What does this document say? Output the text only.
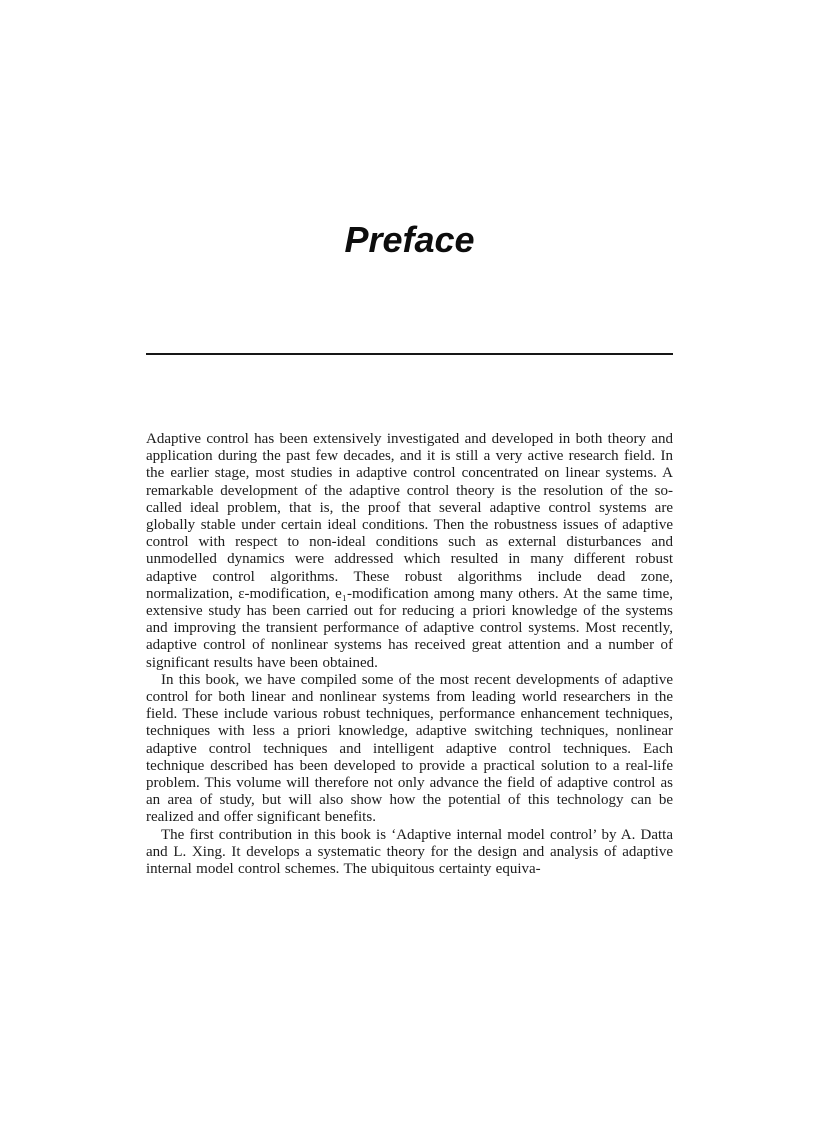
Preface

Adaptive control has been extensively investigated and developed in both theory and application during the past few decades, and it is still a very active research field. In the earlier stage, most studies in adaptive control concentrated on linear systems. A remarkable development of the adaptive control theory is the resolution of the so-called ideal problem, that is, the proof that several adaptive control systems are globally stable under certain ideal conditions. Then the robustness issues of adaptive control with respect to non-ideal conditions such as external disturbances and unmodelled dynamics were addressed which resulted in many different robust adaptive control algorithms. These robust algorithms include dead zone, normalization, ε-modification, e₁-modification among many others. At the same time, extensive study has been carried out for reducing a priori knowledge of the systems and improving the transient performance of adaptive control systems. Most recently, adaptive control of nonlinear systems has received great attention and a number of significant results have been obtained.

In this book, we have compiled some of the most recent developments of adaptive control for both linear and nonlinear systems from leading world researchers in the field. These include various robust techniques, performance enhancement techniques, techniques with less a priori knowledge, adaptive switching techniques, nonlinear adaptive control techniques and intelligent adaptive control techniques. Each technique described has been developed to provide a practical solution to a real-life problem. This volume will therefore not only advance the field of adaptive control as an area of study, but will also show how the potential of this technology can be realized and offer significant benefits.

The first contribution in this book is ‘Adaptive internal model control’ by A. Datta and L. Xing. It develops a systematic theory for the design and analysis of adaptive internal model control schemes. The ubiquitous certainty equiva-
